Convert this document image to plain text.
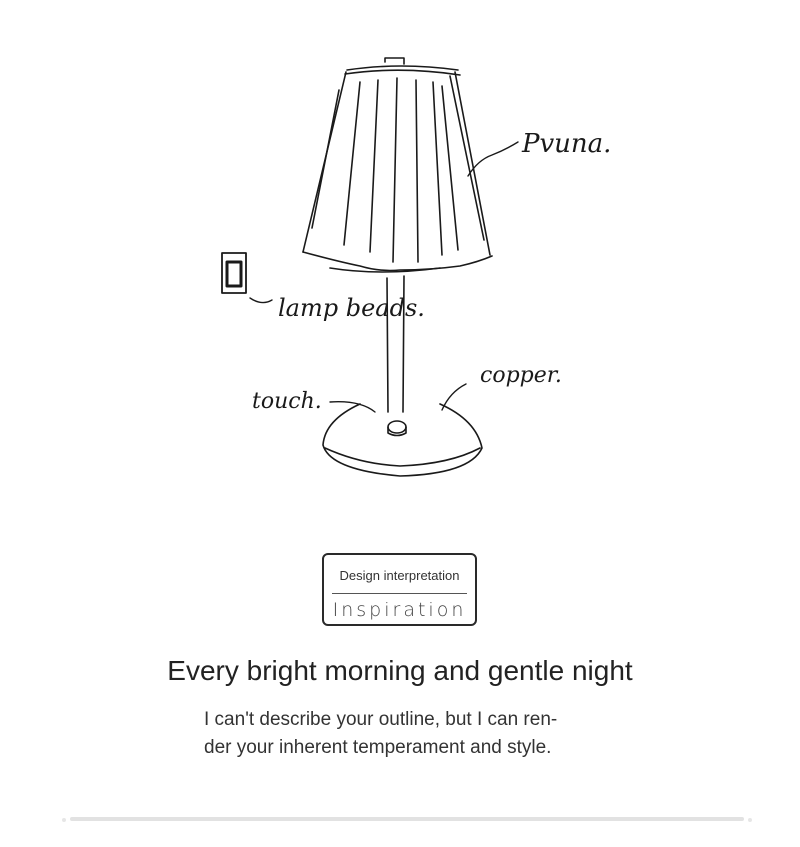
Pvuna.
lamp beads.
touch.
copper.
Design interpretation
Inspiration
Every bright morning and gentle night
I can't describe your outline, but I can ren-
der your inherent temperament and style.
